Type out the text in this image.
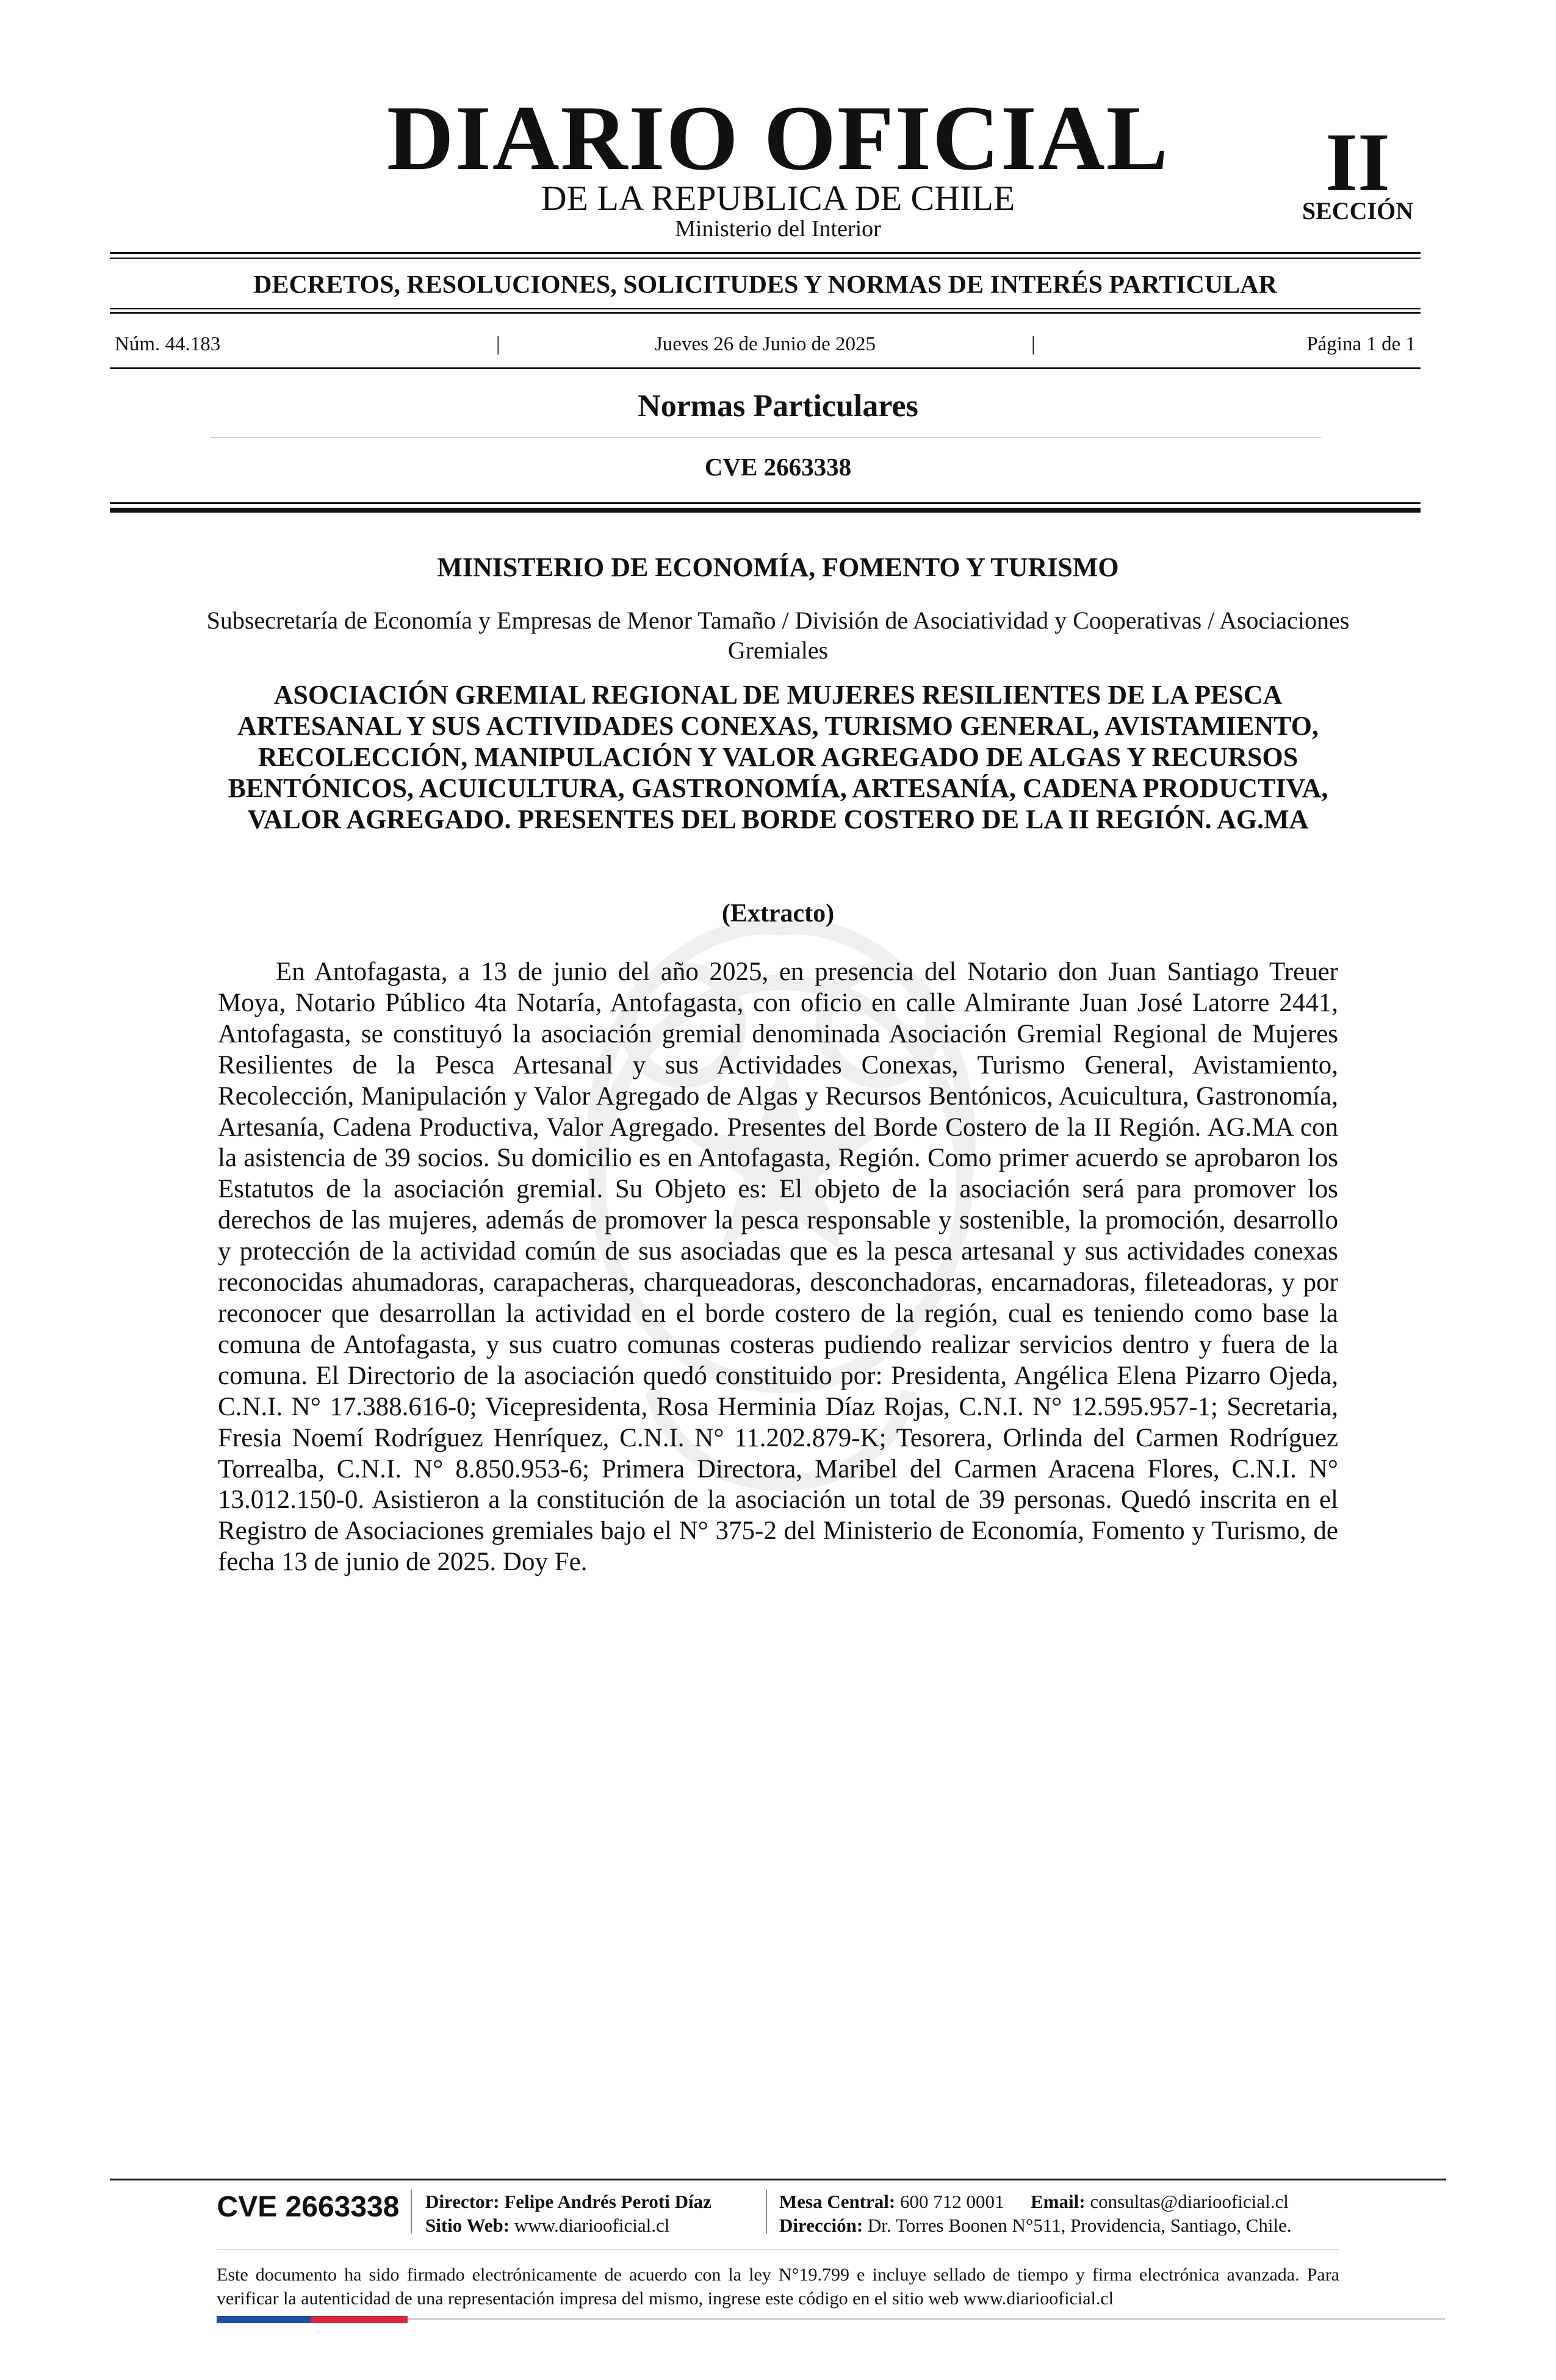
DIARIO OFICIAL
DE LA REPUBLICA DE CHILE
Ministerio del Interior
II
SECCIÓN
DECRETOS, RESOLUCIONES, SOLICITUDES Y NORMAS DE INTERÉS PARTICULAR
Núm. 44.183	|	Jueves 26 de Junio de 2025	|	Página 1 de 1
Normas Particulares
CVE 2663338
MINISTERIO DE ECONOMÍA, FOMENTO Y TURISMO
Subsecretaría de Economía y Empresas de Menor Tamaño / División de Asociatividad y Cooperativas / Asociaciones Gremiales
ASOCIACIÓN GREMIAL REGIONAL DE MUJERES RESILIENTES DE LA PESCA ARTESANAL Y SUS ACTIVIDADES CONEXAS, TURISMO GENERAL, AVISTAMIENTO, RECOLECCIÓN, MANIPULACIÓN Y VALOR AGREGADO DE ALGAS Y RECURSOS BENTÓNICOS, ACUICULTURA, GASTRONOMÍA, ARTESANÍA, CADENA PRODUCTIVA, VALOR AGREGADO. PRESENTES DEL BORDE COSTERO DE LA II REGIÓN. AG.MA
(Extracto)

En Antofagasta, a 13 de junio del año 2025, en presencia del Notario don Juan Santiago Treuer Moya, Notario Público 4ta Notaría, Antofagasta, con oficio en calle Almirante Juan José Latorre 2441, Antofagasta, se constituyó la asociación gremial denominada Asociación Gremial Regional de Mujeres Resilientes de la Pesca Artesanal y sus Actividades Conexas, Turismo General, Avistamiento, Recolección, Manipulación y Valor Agregado de Algas y Recursos Bentónicos, Acuicultura, Gastronomía, Artesanía, Cadena Productiva, Valor Agregado. Presentes del Borde Costero de la II Región. AG.MA con la asistencia de 39 socios. Su domicilio es en Antofagasta, Región. Como primer acuerdo se aprobaron los Estatutos de la asociación gremial. Su Objeto es: El objeto de la asociación será para promover los derechos de las mujeres, además de promover la pesca responsable y sostenible, la promoción, desarrollo y protección de la actividad común de sus asociadas que es la pesca artesanal y sus actividades conexas reconocidas ahumadoras, carapacheras, charqueadoras, desconchadoras, encarnadoras, fileteadoras, y por reconocer que desarrollan la actividad en el borde costero de la región, cual es teniendo como base la comuna de Antofagasta, y sus cuatro comunas costeras pudiendo realizar servicios dentro y fuera de la comuna. El Directorio de la asociación quedó constituido por: Presidenta, Angélica Elena Pizarro Ojeda, C.N.I. N° 17.388.616-0; Vicepresidenta, Rosa Herminia Díaz Rojas, C.N.I. N° 12.595.957-1; Secretaria, Fresia Noemí Rodríguez Henríquez, C.N.I. N° 11.202.879-K; Tesorera, Orlinda del Carmen Rodríguez Torrealba, C.N.I. N° 8.850.953-6; Primera Directora, Maribel del Carmen Aracena Flores, C.N.I. N° 13.012.150-0. Asistieron a la constitución de la asociación un total de 39 personas. Quedó inscrita en el Registro de Asociaciones gremiales bajo el N° 375-2 del Ministerio de Economía, Fomento y Turismo, de fecha 13 de junio de 2025. Doy Fe.

CVE 2663338	Director: Felipe Andrés Peroti Díaz
Sitio Web: www.diariooficial.cl
Mesa Central: 600 712 0001 Email: consultas@diariooficial.cl
Dirección: Dr. Torres Boonen N°511, Providencia, Santiago, Chile.
Este documento ha sido firmado electrónicamente de acuerdo con la ley N°19.799 e incluye sellado de tiempo y firma electrónica avanzada. Para verificar la autenticidad de una representación impresa del mismo, ingrese este código en el sitio web www.diariooficial.cl
